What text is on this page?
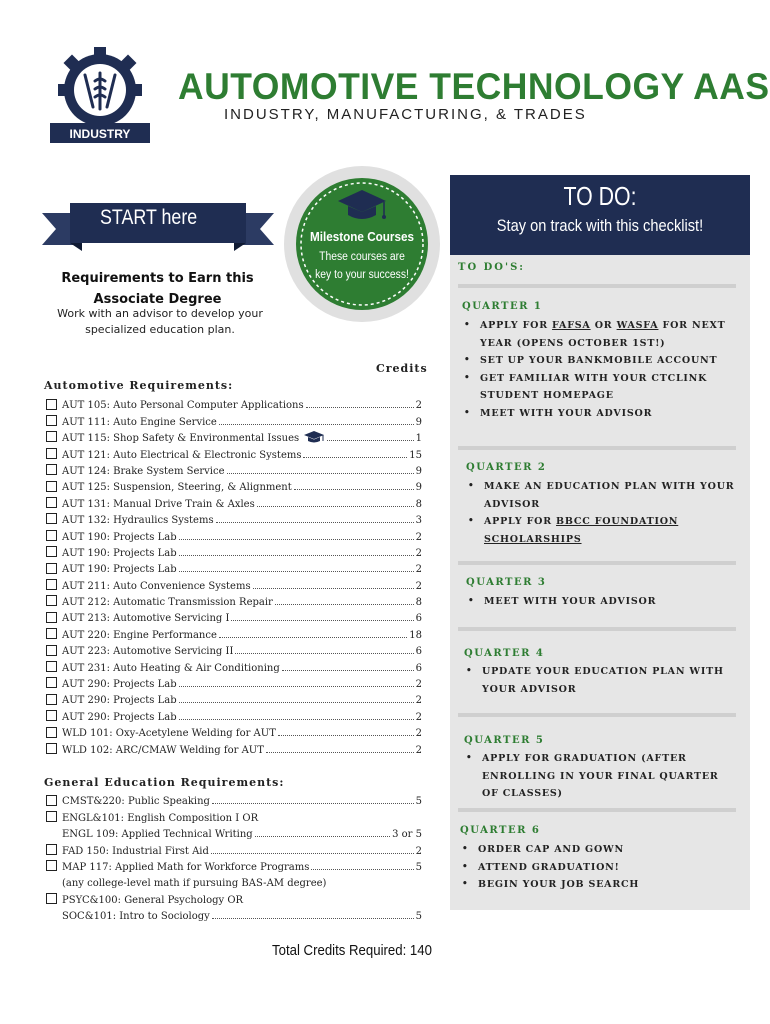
INDUSTRY
AUTOMOTIVE TECHNOLOGY AAS
INDUSTRY, MANUFACTURING, & TRADES
START here
Requirements to Earn this
Associate Degree
Work with an advisor to develop your
specialized education plan.
Milestone Courses
These courses are
key to your success!
Credits
Automotive Requirements:
AUT 105: Auto Personal Computer Applications	2
AUT 111: Auto Engine Service	9
AUT 115: Shop Safety & Environmental Issues	1
AUT 121: Auto Electrical & Electronic Systems	15
AUT 124: Brake System Service	9
AUT 125: Suspension, Steering, & Alignment	9
AUT 131: Manual Drive Train & Axles	8
AUT 132: Hydraulics Systems	3
AUT 190: Projects Lab	2
AUT 190: Projects Lab	2
AUT 190: Projects Lab	2
AUT 211: Auto Convenience Systems	2
AUT 212: Automatic Transmission Repair	8
AUT 213: Automotive Servicing I	6
AUT 220: Engine Performance	18
AUT 223: Automotive Servicing II	6
AUT 231: Auto Heating & Air Conditioning	6
AUT 290: Projects Lab	2
AUT 290: Projects Lab	2
AUT 290: Projects Lab	2
WLD 101: Oxy-Acetylene Welding for AUT	2
WLD 102: ARC/CMAW Welding for AUT	2
General Education Requirements:
CMST&220: Public Speaking	5
ENGL&101: English Composition I OR
ENGL 109: Applied Technical Writing	3 or 5
FAD 150: Industrial First Aid	2
MAP 117: Applied Math for Workforce Programs	5
(any college-level math if pursuing BAS-AM degree)
PSYC&100: General Psychology OR
SOC&101: Intro to Sociology	5
Total Credits Required: 140
TO DO:
Stay on track with this checklist!
TO DO'S:
QUARTER 1
• APPLY FOR FAFSA OR WASFA FOR NEXT YEAR (OPENS OCTOBER 1ST!)
• SET UP YOUR BANKMOBILE ACCOUNT
• GET FAMILIAR WITH YOUR CTCLINK STUDENT HOMEPAGE
• MEET WITH YOUR ADVISOR
QUARTER 2
• MAKE AN EDUCATION PLAN WITH YOUR ADVISOR
• APPLY FOR BBCC FOUNDATION SCHOLARSHIPS
QUARTER 3
• MEET WITH YOUR ADVISOR
QUARTER 4
• UPDATE YOUR EDUCATION PLAN WITH YOUR ADVISOR
QUARTER 5
• APPLY FOR GRADUATION (AFTER ENROLLING IN YOUR FINAL QUARTER OF CLASSES)
QUARTER 6
• ORDER CAP AND GOWN
• ATTEND GRADUATION!
• BEGIN YOUR JOB SEARCH
